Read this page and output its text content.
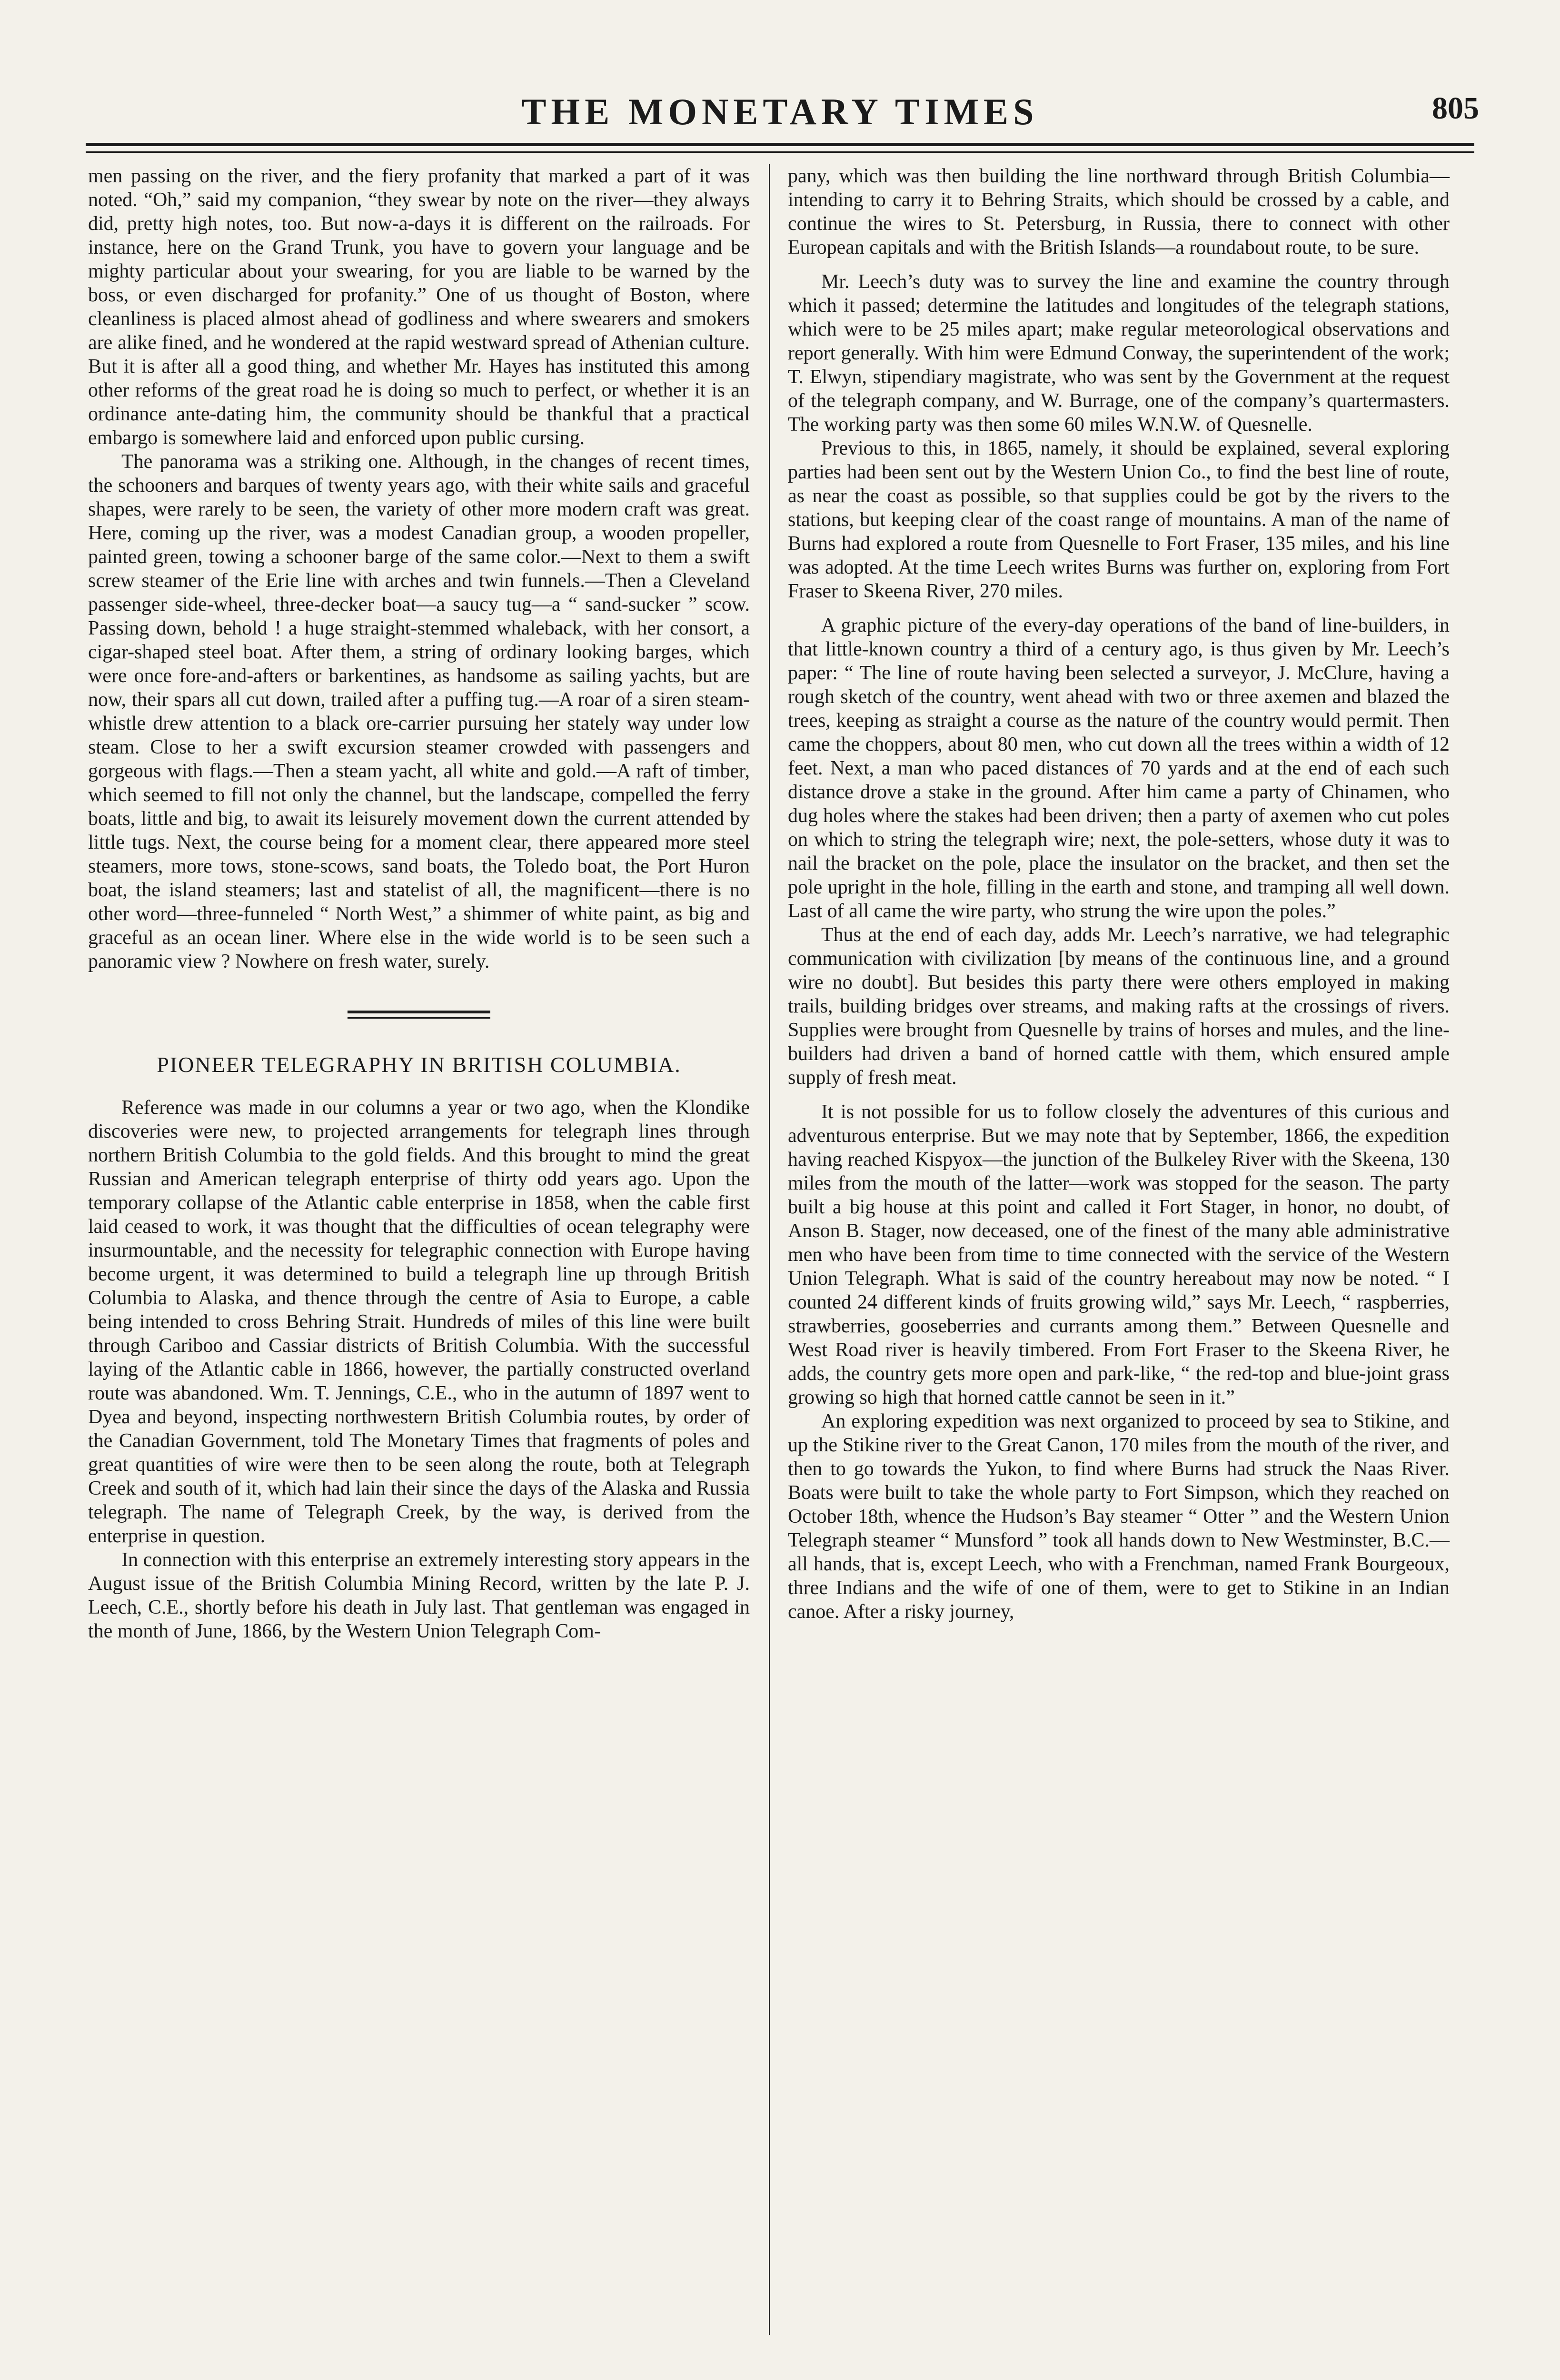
THE MONETARY TIMES	805

men passing on the river, and the fiery profanity that marked a part of it was noted. “Oh,” said my companion, “they swear by note on the river—they always did, pretty high notes, too. But now-a-days it is different on the railroads. For instance, here on the Grand Trunk, you have to govern your language and be mighty particular about your swearing, for you are liable to be warned by the boss, or even discharged for profanity.” One of us thought of Boston, where cleanliness is placed almost ahead of godliness and where swearers and smokers are alike fined, and he wondered at the rapid westward spread of Athenian culture. But it is after all a good thing, and whether Mr. Hayes has instituted this among other reforms of the great road he is doing so much to perfect, or whether it is an ordinance ante-dating him, the community should be thankful that a practical embargo is somewhere laid and enforced upon public cursing.

The panorama was a striking one. Although, in the changes of recent times, the schooners and barques of twenty years ago, with their white sails and graceful shapes, were rarely to be seen, the variety of other more modern craft was great. Here, coming up the river, was a modest Canadian group, a wooden propeller, painted green, towing a schooner barge of the same color.—Next to them a swift screw steamer of the Erie line with arches and twin funnels.—Then a Cleveland passenger side-wheel, three-decker boat—a saucy tug—a “ sand-sucker ” scow. Passing down, behold ! a huge straight-stemmed whaleback, with her consort, a cigar-shaped steel boat. After them, a string of ordinary looking barges, which were once fore-and-afters or barkentines, as handsome as sailing yachts, but are now, their spars all cut down, trailed after a puffing tug.—A roar of a siren steam-whistle drew attention to a black ore-carrier pursuing her stately way under low steam. Close to her a swift excursion steamer crowded with passengers and gorgeous with flags.—Then a steam yacht, all white and gold.—A raft of timber, which seemed to fill not only the channel, but the landscape, compelled the ferry boats, little and big, to await its leisurely movement down the current attended by little tugs. Next, the course being for a moment clear, there appeared more steel steamers, more tows, stone-scows, sand boats, the Toledo boat, the Port Huron boat, the island steamers; last and statelist of all, the magnificent—there is no other word—three-funneled “ North West,” a shimmer of white paint, as big and graceful as an ocean liner. Where else in the wide world is to be seen such a panoramic view ? Nowhere on fresh water, surely.

PIONEER TELEGRAPHY IN BRITISH COLUMBIA.

Reference was made in our columns a year or two ago, when the Klondike discoveries were new, to projected arrangements for telegraph lines through northern British Columbia to the gold fields. And this brought to mind the great Russian and American telegraph enterprise of thirty odd years ago. Upon the temporary collapse of the Atlantic cable enterprise in 1858, when the cable first laid ceased to work, it was thought that the difficulties of ocean telegraphy were insurmountable, and the necessity for telegraphic connection with Europe having become urgent, it was determined to build a telegraph line up through British Columbia to Alaska, and thence through the centre of Asia to Europe, a cable being intended to cross Behring Strait. Hundreds of miles of this line were built through Cariboo and Cassiar districts of British Columbia. With the successful laying of the Atlantic cable in 1866, however, the partially constructed overland route was abandoned. Wm. T. Jennings, C.E., who in the autumn of 1897 went to Dyea and beyond, inspecting northwestern British Columbia routes, by order of the Canadian Government, told The Monetary Times that fragments of poles and great quantities of wire were then to be seen along the route, both at Telegraph Creek and south of it, which had lain their since the days of the Alaska and Russia telegraph. The name of Telegraph Creek, by the way, is derived from the enterprise in question.

In connection with this enterprise an extremely interesting story appears in the August issue of the British Columbia Mining Record, written by the late P. J. Leech, C.E., shortly before his death in July last. That gentleman was engaged in the month of June, 1866, by the Western Union Telegraph Com-

pany, which was then building the line northward through British Columbia—intending to carry it to Behring Straits, which should be crossed by a cable, and continue the wires to St. Petersburg, in Russia, there to connect with other European capitals and with the British Islands—a roundabout route, to be sure.

Mr. Leech’s duty was to survey the line and examine the country through which it passed; determine the latitudes and longitudes of the telegraph stations, which were to be 25 miles apart; make regular meteorological observations and report generally. With him were Edmund Conway, the superintendent of the work; T. Elwyn, stipendiary magistrate, who was sent by the Government at the request of the telegraph company, and W. Burrage, one of the company’s quartermasters. The working party was then some 60 miles W.N.W. of Quesnelle.

Previous to this, in 1865, namely, it should be explained, several exploring parties had been sent out by the Western Union Co., to find the best line of route, as near the coast as possible, so that supplies could be got by the rivers to the stations, but keeping clear of the coast range of mountains. A man of the name of Burns had explored a route from Quesnelle to Fort Fraser, 135 miles, and his line was adopted. At the time Leech writes Burns was further on, exploring from Fort Fraser to Skeena River, 270 miles.

A graphic picture of the every-day operations of the band of line-builders, in that little-known country a third of a century ago, is thus given by Mr. Leech’s paper: “ The line of route having been selected a surveyor, J. McClure, having a rough sketch of the country, went ahead with two or three axemen and blazed the trees, keeping as straight a course as the nature of the country would permit. Then came the choppers, about 80 men, who cut down all the trees within a width of 12 feet. Next, a man who paced distances of 70 yards and at the end of each such distance drove a stake in the ground. After him came a party of Chinamen, who dug holes where the stakes had been driven; then a party of axemen who cut poles on which to string the telegraph wire; next, the pole-setters, whose duty it was to nail the bracket on the pole, place the insulator on the bracket, and then set the pole upright in the hole, filling in the earth and stone, and tramping all well down. Last of all came the wire party, who strung the wire upon the poles.”

Thus at the end of each day, adds Mr. Leech’s narrative, we had telegraphic communication with civilization [by means of the continuous line, and a ground wire no doubt]. But besides this party there were others employed in making trails, building bridges over streams, and making rafts at the crossings of rivers. Supplies were brought from Quesnelle by trains of horses and mules, and the line-builders had driven a band of horned cattle with them, which ensured ample supply of fresh meat.

It is not possible for us to follow closely the adventures of this curious and adventurous enterprise. But we may note that by September, 1866, the expedition having reached Kispyox—the junction of the Bulkeley River with the Skeena, 130 miles from the mouth of the latter—work was stopped for the season. The party built a big house at this point and called it Fort Stager, in honor, no doubt, of Anson B. Stager, now deceased, one of the finest of the many able administrative men who have been from time to time connected with the service of the Western Union Telegraph. What is said of the country hereabout may now be noted. “ I counted 24 different kinds of fruits growing wild,” says Mr. Leech, “ raspberries, strawberries, gooseberries and currants among them.” Between Quesnelle and West Road river is heavily timbered. From Fort Fraser to the Skeena River, he adds, the country gets more open and park-like, “ the red-top and blue-joint grass growing so high that horned cattle cannot be seen in it.”

An exploring expedition was next organized to proceed by sea to Stikine, and up the Stikine river to the Great Canon, 170 miles from the mouth of the river, and then to go towards the Yukon, to find where Burns had struck the Naas River. Boats were built to take the whole party to Fort Simpson, which they reached on October 18th, whence the Hudson’s Bay steamer “ Otter ” and the Western Union Telegraph steamer “ Munsford ” took all hands down to New Westminster, B.C.—all hands, that is, except Leech, who with a Frenchman, named Frank Bourgeoux, three Indians and the wife of one of them, were to get to Stikine in an Indian canoe. After a risky journey,
